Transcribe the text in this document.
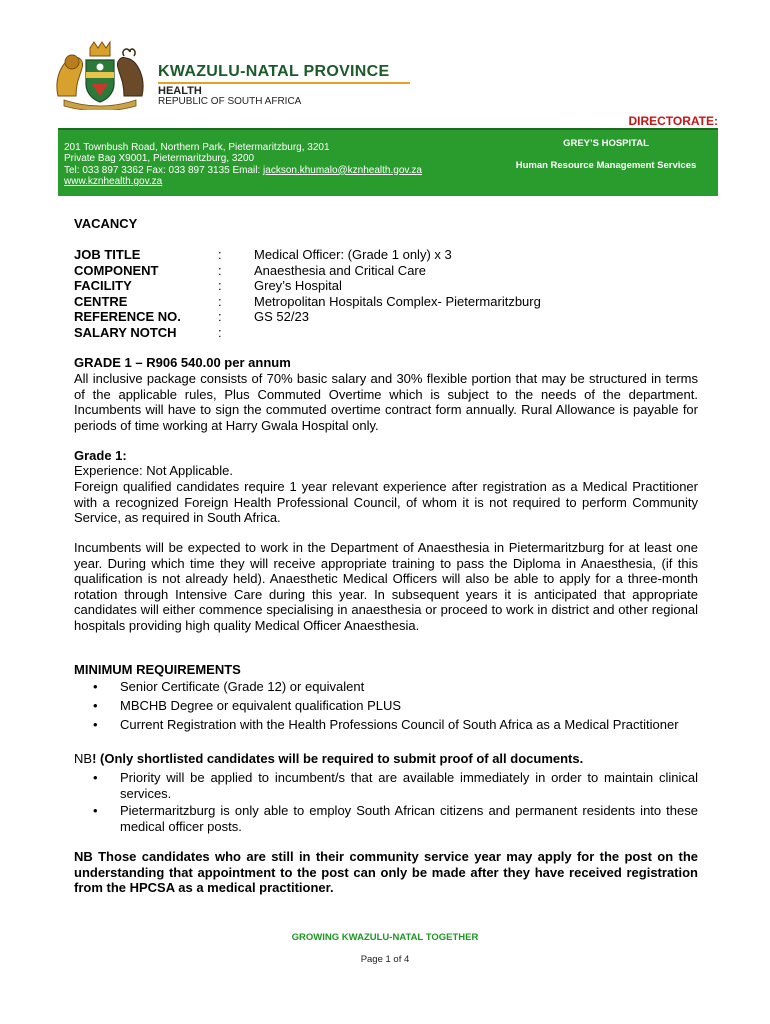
KWAZULU-NATAL PROVINCE
HEALTH
REPUBLIC OF SOUTH AFRICA
DIRECTORATE:
201 Townbush Road, Northern Park, Pietermaritzburg, 3201
Private Bag X9001, Pietermaritzburg, 3200
Tel: 033 897 3362 Fax: 033 897 3135 Email: jackson.khumalo@kznhealth.gov.za
www.kznhealth.gov.za
GREY’S HOSPITAL
Human Resource Management Services
VACANCY
JOB TITLE	: Medical Officer: (Grade 1 only) x 3
COMPONENT	: Anaesthesia and Critical Care
FACILITY	: Grey’s Hospital
CENTRE	: Metropolitan Hospitals Complex- Pietermaritzburg
REFERENCE NO.	: GS 52/23
SALARY NOTCH	:
GRADE 1 – R906 540.00 per annum
All inclusive package consists of 70% basic salary and 30% flexible portion that may be structured in terms of the applicable rules, Plus Commuted Overtime which is subject to the needs of the department. Incumbents will have to sign the commuted overtime contract form annually. Rural Allowance is payable for periods of time working at Harry Gwala Hospital only.
Grade 1:
Experience: Not Applicable.
Foreign qualified candidates require 1 year relevant experience after registration as a Medical Practitioner with a recognized Foreign Health Professional Council, of whom it is not required to perform Community Service, as required in South Africa.
Incumbents will be expected to work in the Department of Anaesthesia in Pietermaritzburg for at least one year. During which time they will receive appropriate training to pass the Diploma in Anaesthesia, (if this qualification is not already held). Anaesthetic Medical Officers will also be able to apply for a three-month rotation through Intensive Care during this year. In subsequent years it is anticipated that appropriate candidates will either commence specialising in anaesthesia or proceed to work in district and other regional hospitals providing high quality Medical Officer Anaesthesia.
MINIMUM REQUIREMENTS
• Senior Certificate (Grade 12) or equivalent
• MBCHB Degree or equivalent qualification PLUS
• Current Registration with the Health Professions Council of South Africa as a Medical Practitioner
NB! (Only shortlisted candidates will be required to submit proof of all documents.
• Priority will be applied to incumbent/s that are available immediately in order to maintain clinical services.
• Pietermaritzburg is only able to employ South African citizens and permanent residents into these medical officer posts.
NB Those candidates who are still in their community service year may apply for the post on the understanding that appointment to the post can only be made after they have received registration from the HPCSA as a medical practitioner.
GROWING KWAZULU-NATAL TOGETHER
Page 1 of 4
